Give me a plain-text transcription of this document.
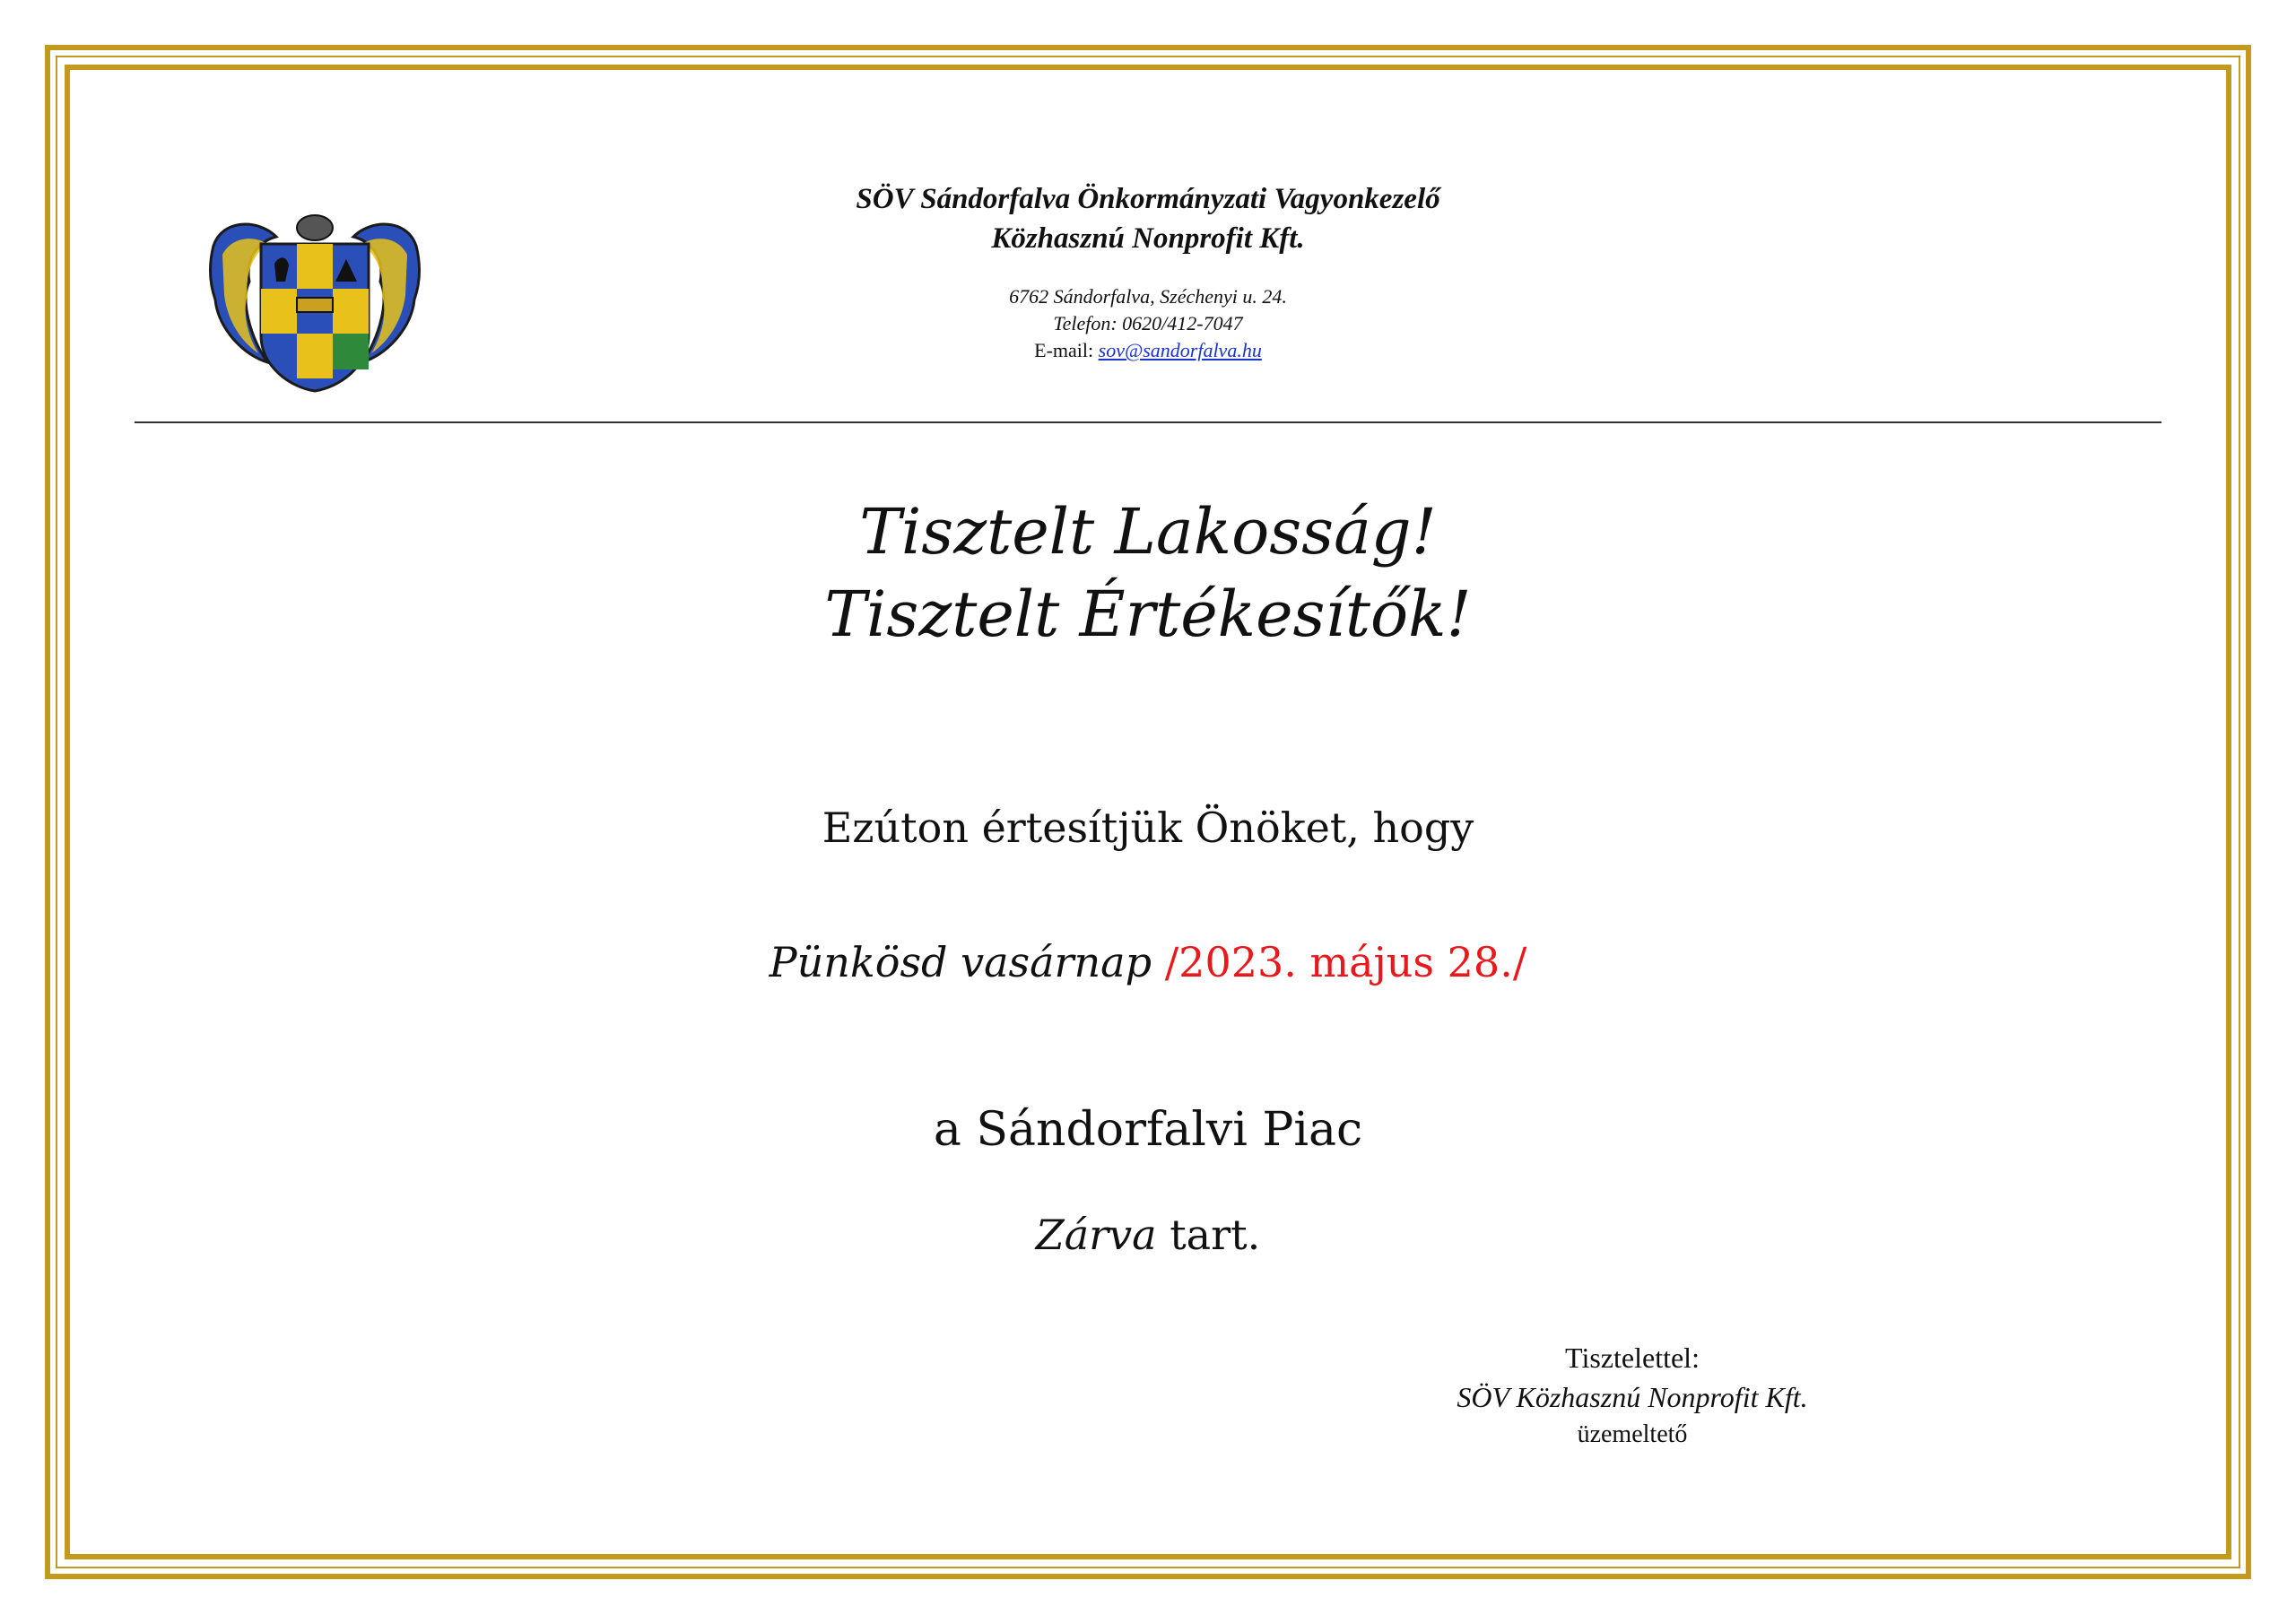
SÖV Sándorfalva Önkormányzati Vagyonkezelő
Közhasznú Nonprofit Kft.
6762 Sándorfalva, Széchenyi u. 24.
Telefon: 0620/412-7047
E-mail: sov@sandorfalva.hu
Tisztelt Lakosság!
Tisztelt Értékesítők!
Ezúton értesítjük Önöket, hogy
Pünkösd vasárnap /2023. május 28./
a Sándorfalvi Piac
Zárva tart.
Tisztelettel:
SÖV Közhasznú Nonprofit Kft.
üzemeltető
